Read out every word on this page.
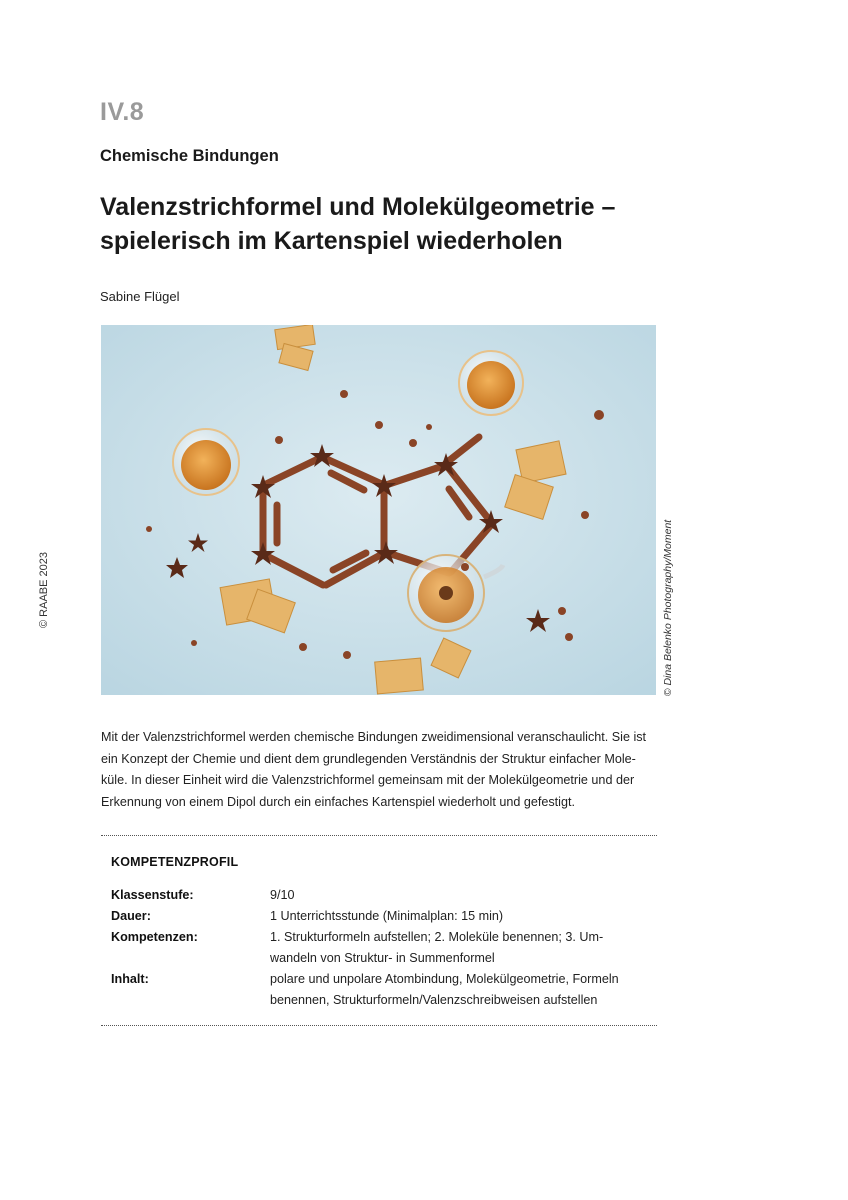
IV.8
Chemische Bindungen
Valenzstrichformel und Molekülgeometrie –
spielerisch im Kartenspiel wiederholen
Sabine Flügel
© RAABE 2023	© Dina Belenko Photography/Moment
Mit der Valenzstrichformel werden chemische Bindungen zweidimensional veranschaulicht. Sie ist
ein Konzept der Chemie und dient dem grundlegenden Verständnis der Struktur einfacher Mole-
küle. In dieser Einheit wird die Valenzstrichformel gemeinsam mit der Molekülgeometrie und der
Erkennung von einem Dipol durch ein einfaches Kartenspiel wiederholt und gefestigt.
KOMPETENZPROFIL
Klassenstufe:	9/10
Dauer:	1 Unterrichtsstunde (Minimalplan: 15 min)
Kompetenzen:	1. Strukturformeln aufstellen; 2. Moleküle benennen; 3. Um-
wandeln von Struktur- in Summenformel
Inhalt:	polare und unpolare Atombindung, Molekülgeometrie, Formeln
benennen, Strukturformeln/Valenzschreibweisen aufstellen
